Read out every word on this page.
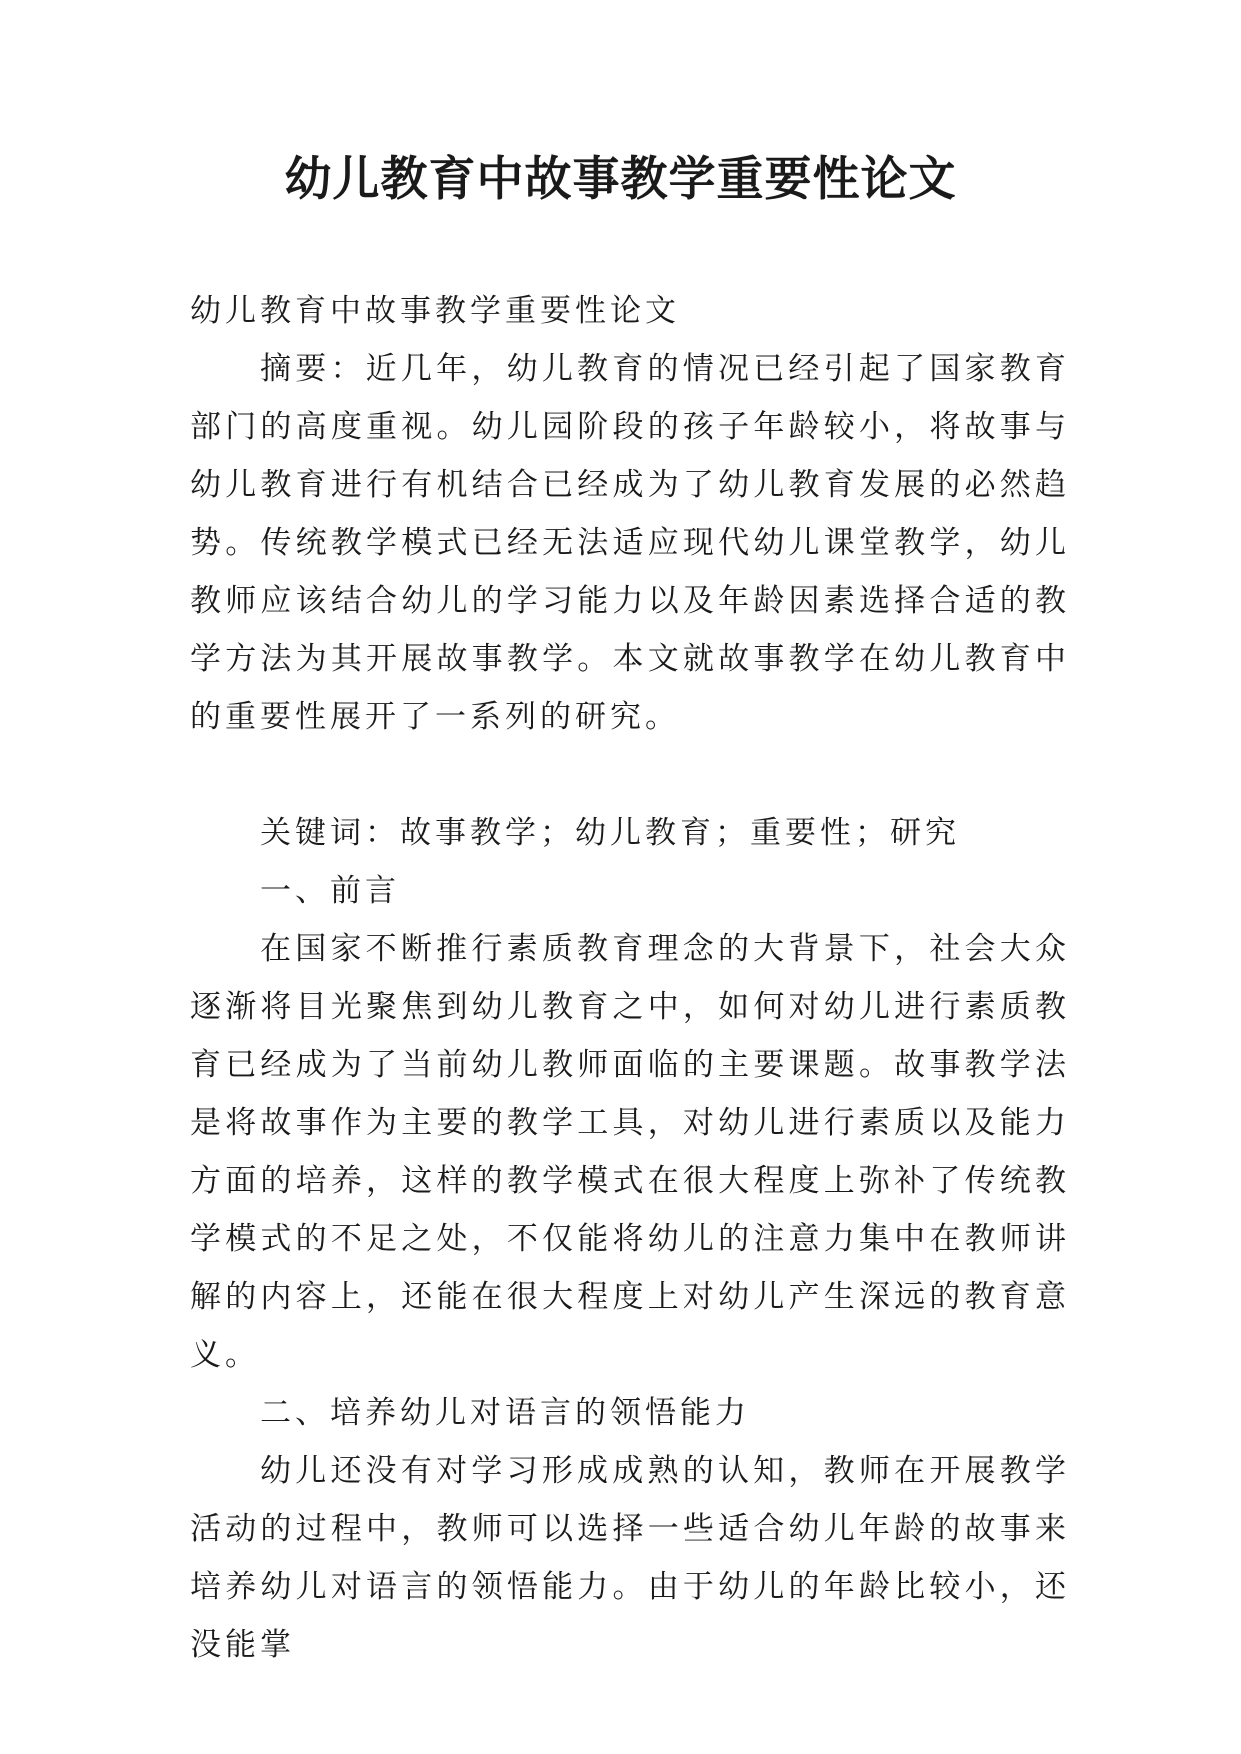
幼儿教育中故事教学重要性论文

幼儿教育中故事教学重要性论文

摘要：近几年，幼儿教育的情况已经引起了国家教育部门的高度重视。幼儿园阶段的孩子年龄较小，将故事与幼儿教育进行有机结合已经成为了幼儿教育发展的必然趋势。传统教学模式已经无法适应现代幼儿课堂教学，幼儿教师应该结合幼儿的学习能力以及年龄因素选择合适的教学方法为其开展故事教学。本文就故事教学在幼儿教育中的重要性展开了一系列的研究。

关键词：故事教学；幼儿教育；重要性；研究

一、前言

在国家不断推行素质教育理念的大背景下，社会大众逐渐将目光聚焦到幼儿教育之中，如何对幼儿进行素质教育已经成为了当前幼儿教师面临的主要课题。故事教学法是将故事作为主要的教学工具，对幼儿进行素质以及能力方面的培养，这样的教学模式在很大程度上弥补了传统教学模式的不足之处，不仅能将幼儿的注意力集中在教师讲解的内容上，还能在很大程度上对幼儿产生深远的教育意义。

二、培养幼儿对语言的领悟能力

幼儿还没有对学习形成成熟的认知，教师在开展教学活动的过程中，教师可以选择一些适合幼儿年龄的故事来培养幼儿对语言的领悟能力。由于幼儿的年龄比较小，还没能掌
